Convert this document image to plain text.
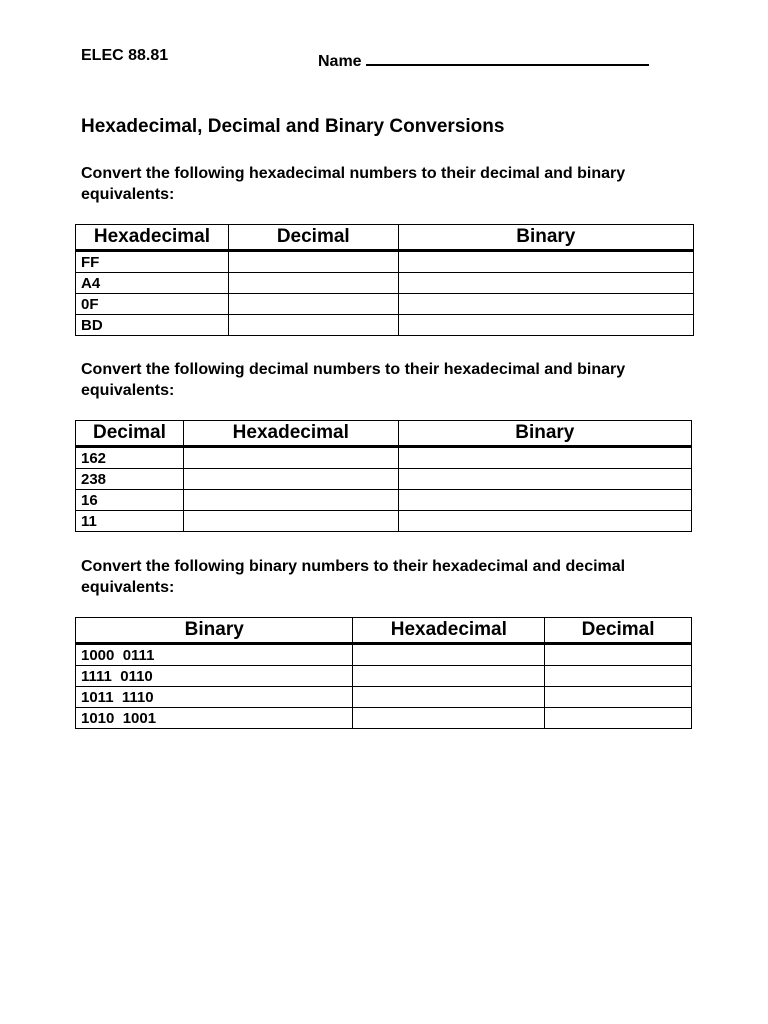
ELEC 88.81	Name
Hexadecimal, Decimal and Binary Conversions
Convert the following hexadecimal numbers to their decimal and binary equivalents:
Hexadecimal	Decimal	Binary
FF		
A4		
0F		
BD		
Convert the following decimal numbers to their hexadecimal and binary equivalents:
Decimal	Hexadecimal	Binary
162		
238		
16		
11		
Convert the following binary numbers to their hexadecimal and decimal equivalents:
Binary	Hexadecimal	Decimal
1000  0111		
1111  0110		
1011  1110		
1010  1001		
